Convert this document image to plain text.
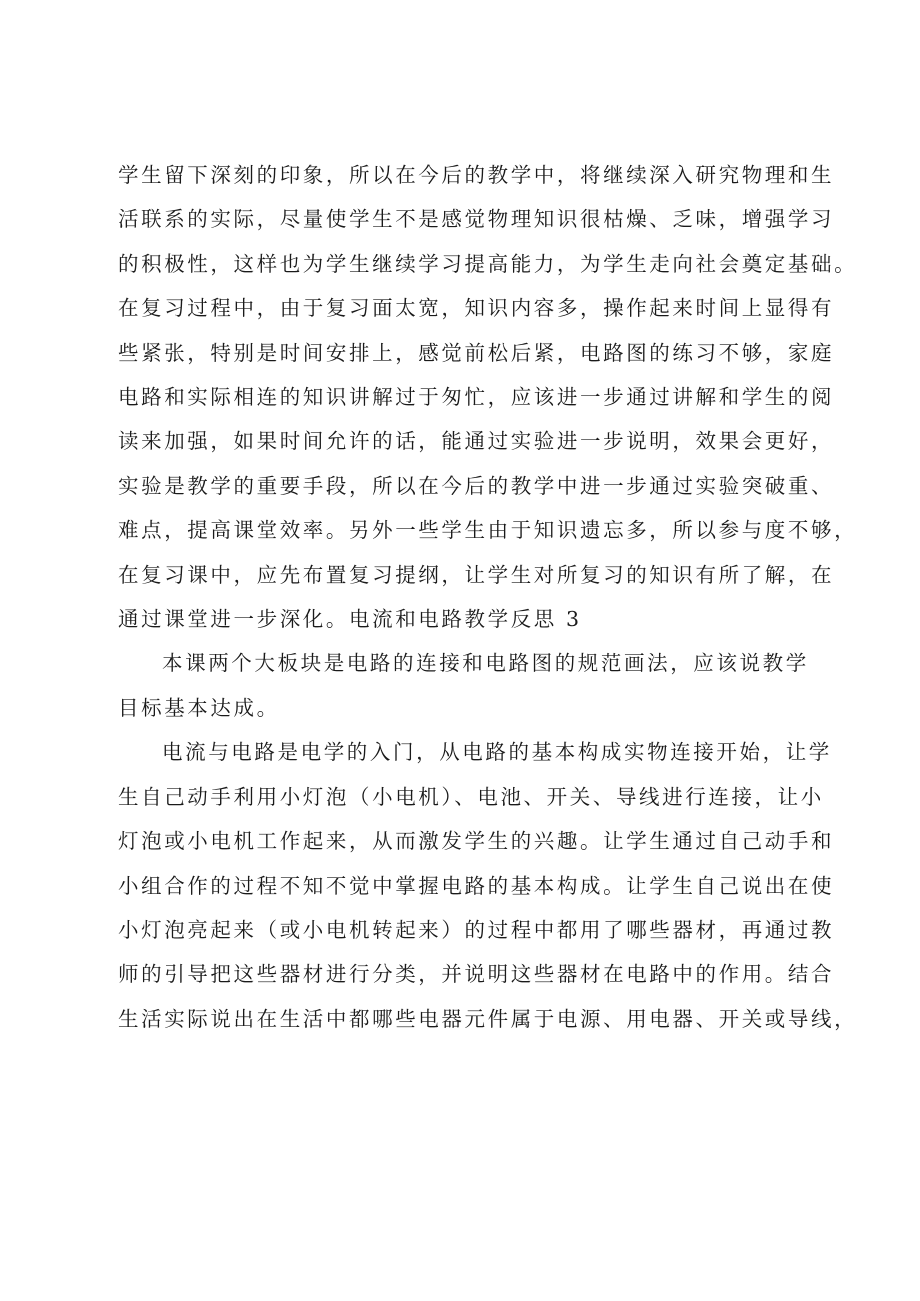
学生留下深刻的印象，所以在今后的教学中，将继续深入研究物理和生
活联系的实际，尽量使学生不是感觉物理知识很枯燥、乏味，增强学习
的积极性，这样也为学生继续学习提高能力，为学生走向社会奠定基础。
在复习过程中，由于复习面太宽，知识内容多，操作起来时间上显得有
些紧张，特别是时间安排上，感觉前松后紧，电路图的练习不够，家庭
电路和实际相连的知识讲解过于匆忙，应该进一步通过讲解和学生的阅
读来加强，如果时间允许的话，能通过实验进一步说明，效果会更好，
实验是教学的重要手段，所以在今后的教学中进一步通过实验突破重、
难点，提高课堂效率。另外一些学生由于知识遗忘多，所以参与度不够，
在复习课中，应先布置复习提纲，让学生对所复习的知识有所了解，在
通过课堂进一步深化。电流和电路教学反思 3
本课两个大板块是电路的连接和电路图的规范画法，应该说教学
目标基本达成。
电流与电路是电学的入门，从电路的基本构成实物连接开始，让学
生自己动手利用小灯泡（小电机）、电池、开关、导线进行连接，让小
灯泡或小电机工作起来，从而激发学生的兴趣。让学生通过自己动手和
小组合作的过程不知不觉中掌握电路的基本构成。让学生自己说出在使
小灯泡亮起来（或小电机转起来）的过程中都用了哪些器材，再通过教
师的引导把这些器材进行分类，并说明这些器材在电路中的作用。结合
生活实际说出在生活中都哪些电器元件属于电源、用电器、开关或导线，
